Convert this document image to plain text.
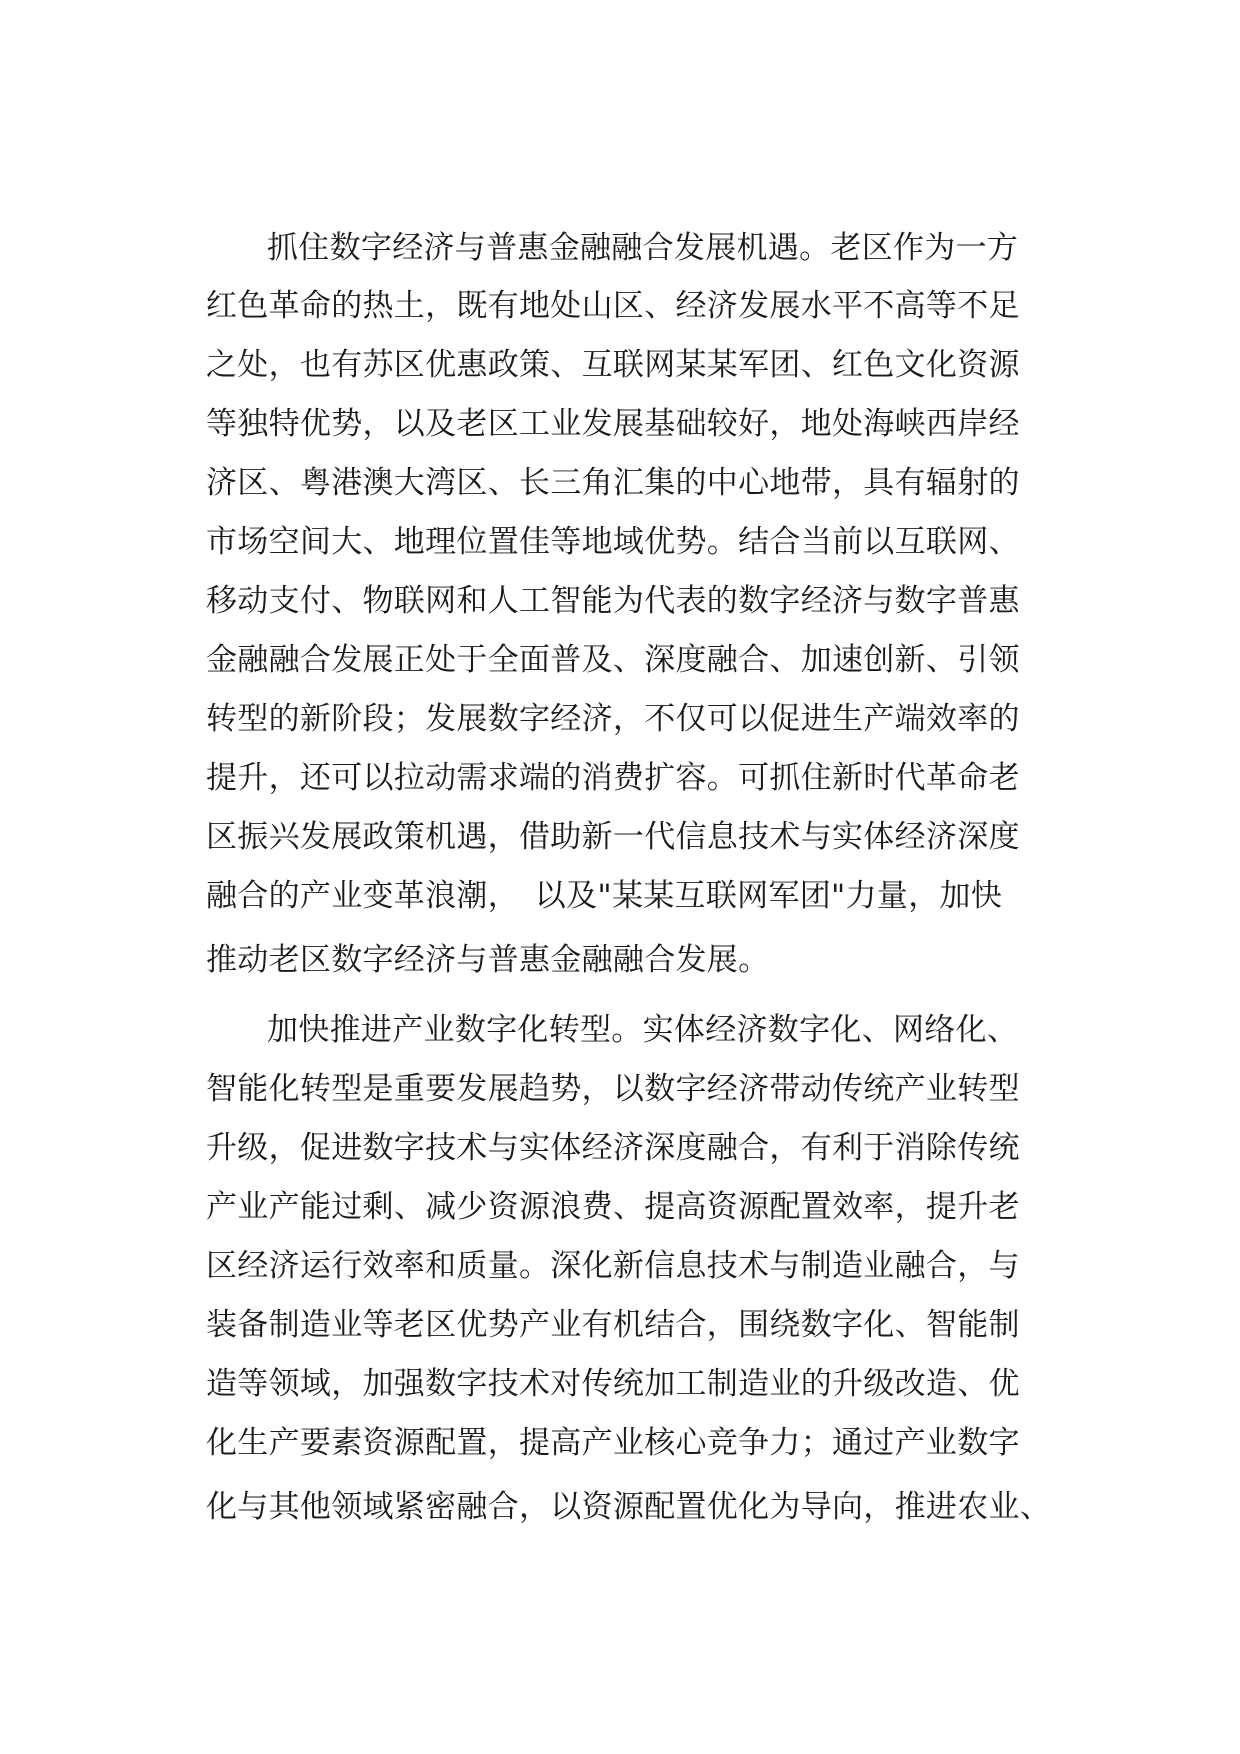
抓住数字经济与普惠金融融合发展机遇。老区作为一方
红色革命的热土，既有地处山区、经济发展水平不高等不足
之处，也有苏区优惠政策、互联网某某军团、红色文化资源
等独特优势，以及老区工业发展基础较好，地处海峡西岸经
济区、粤港澳大湾区、长三角汇集的中心地带，具有辐射的
市场空间大、地理位置佳等地域优势。结合当前以互联网、
移动支付、物联网和人工智能为代表的数字经济与数字普惠
金融融合发展正处于全面普及、深度融合、加速创新、引领
转型的新阶段；发展数字经济，不仅可以促进生产端效率的
提升，还可以拉动需求端的消费扩容。可抓住新时代革命老
区振兴发展政策机遇，借助新一代信息技术与实体经济深度
融合的产业变革浪潮，　以及"某某互联网军团"力量，加快
推动老区数字经济与普惠金融融合发展。
加快推进产业数字化转型。实体经济数字化、网络化、
智能化转型是重要发展趋势，以数字经济带动传统产业转型
升级，促进数字技术与实体经济深度融合，有利于消除传统
产业产能过剩、减少资源浪费、提高资源配置效率，提升老
区经济运行效率和质量。深化新信息技术与制造业融合，与
装备制造业等老区优势产业有机结合，围绕数字化、智能制
造等领域，加强数字技术对传统加工制造业的升级改造、优
化生产要素资源配置，提高产业核心竞争力；通过产业数字
化与其他领域紧密融合，以资源配置优化为导向，推进农业、
